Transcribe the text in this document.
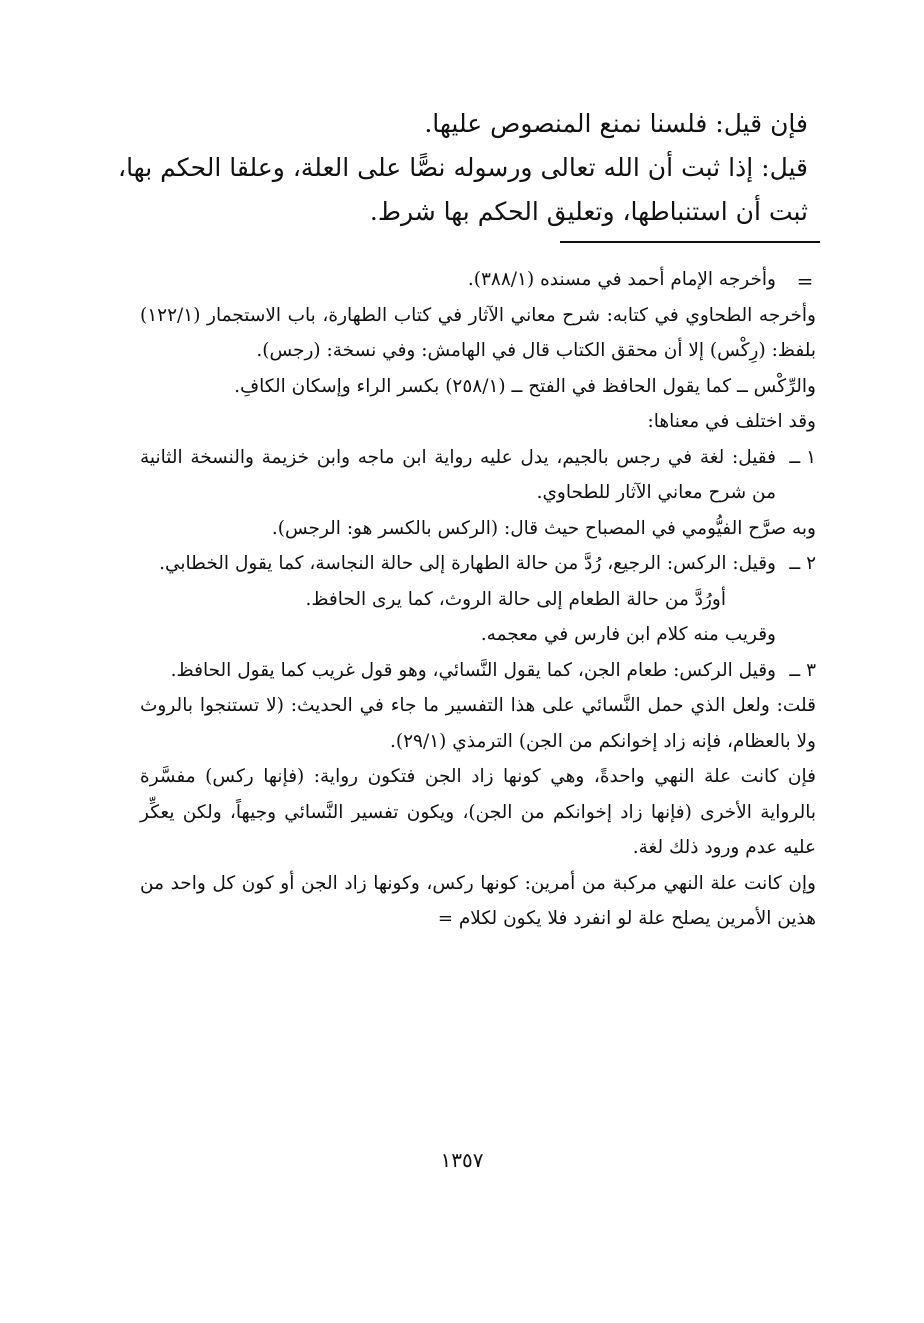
فإن قيل: فلسنا نمنع المنصوص عليها.

قيل: إذا ثبت أن الله تعالى ورسوله نصًّا على العلة، وعلقا الحكم بها، ثبت أن استنباطها، وتعليق الحكم بها شرط.

=

وأخرجه الإمام أحمد في مسنده (٣٨٨/١).

وأخرجه الطحاوي في كتابه: شرح معاني الآثار في كتاب الطهارة، باب الاستجمار (١٢٢/١) بلفظ: (رِكْس) إلا أن محقق الكتاب قال في الهامش: وفي نسخة: (رجس).

والرِّكْس ــ كما يقول الحافظ في الفتح ــ (٢٥٨/١) بكسر الراء وإسكان الكافِ.

وقد اختلف في معناها:

١ ــ
فقيل: لغة في رجس بالجيم، يدل عليه رواية ابن ماجه وابن خزيمة والنسخة الثانية من شرح معاني الآثار للطحاوي.

وبه صرَّح الفيُّومي في المصباح حيث قال: (الركس بالكسر هو: الرجس).

٢ ــ
وقيل: الركس: الرجيع، رُدَّ من حالة الطهارة إلى حالة النجاسة، كما يقول الخطابي.

أورُدَّ من حالة الطعام إلى حالة الروث، كما يرى الحافظ.

وقريب منه كلام ابن فارس في معجمه.

٣ ــ
وقيل الركس: طعام الجن، كما يقول النَّسائي، وهو قول غريب كما يقول الحافظ.

قلت: ولعل الذي حمل النَّسائي على هذا التفسير ما جاء في الحديث: (لا تستنجوا بالروث ولا بالعظام، فإنه زاد إخوانكم من الجن) الترمذي (٢٩/١).

فإن كانت علة النهي واحدةً، وهي كونها زاد الجن فتكون رواية: (فإنها ركس) مفسَّرة بالرواية الأخرى (فإنها زاد إخوانكم من الجن)، ويكون تفسير النَّسائي وجيهاً، ولكن يعكِّر عليه عدم ورود ذلك لغة.

وإن كانت علة النهي مركبة من أمرين: كونها ركس، وكونها زاد الجن أو كون كل واحد من هذين الأمرين يصلح علة لو انفرد فلا يكون لكلام =

١٣٥٧
